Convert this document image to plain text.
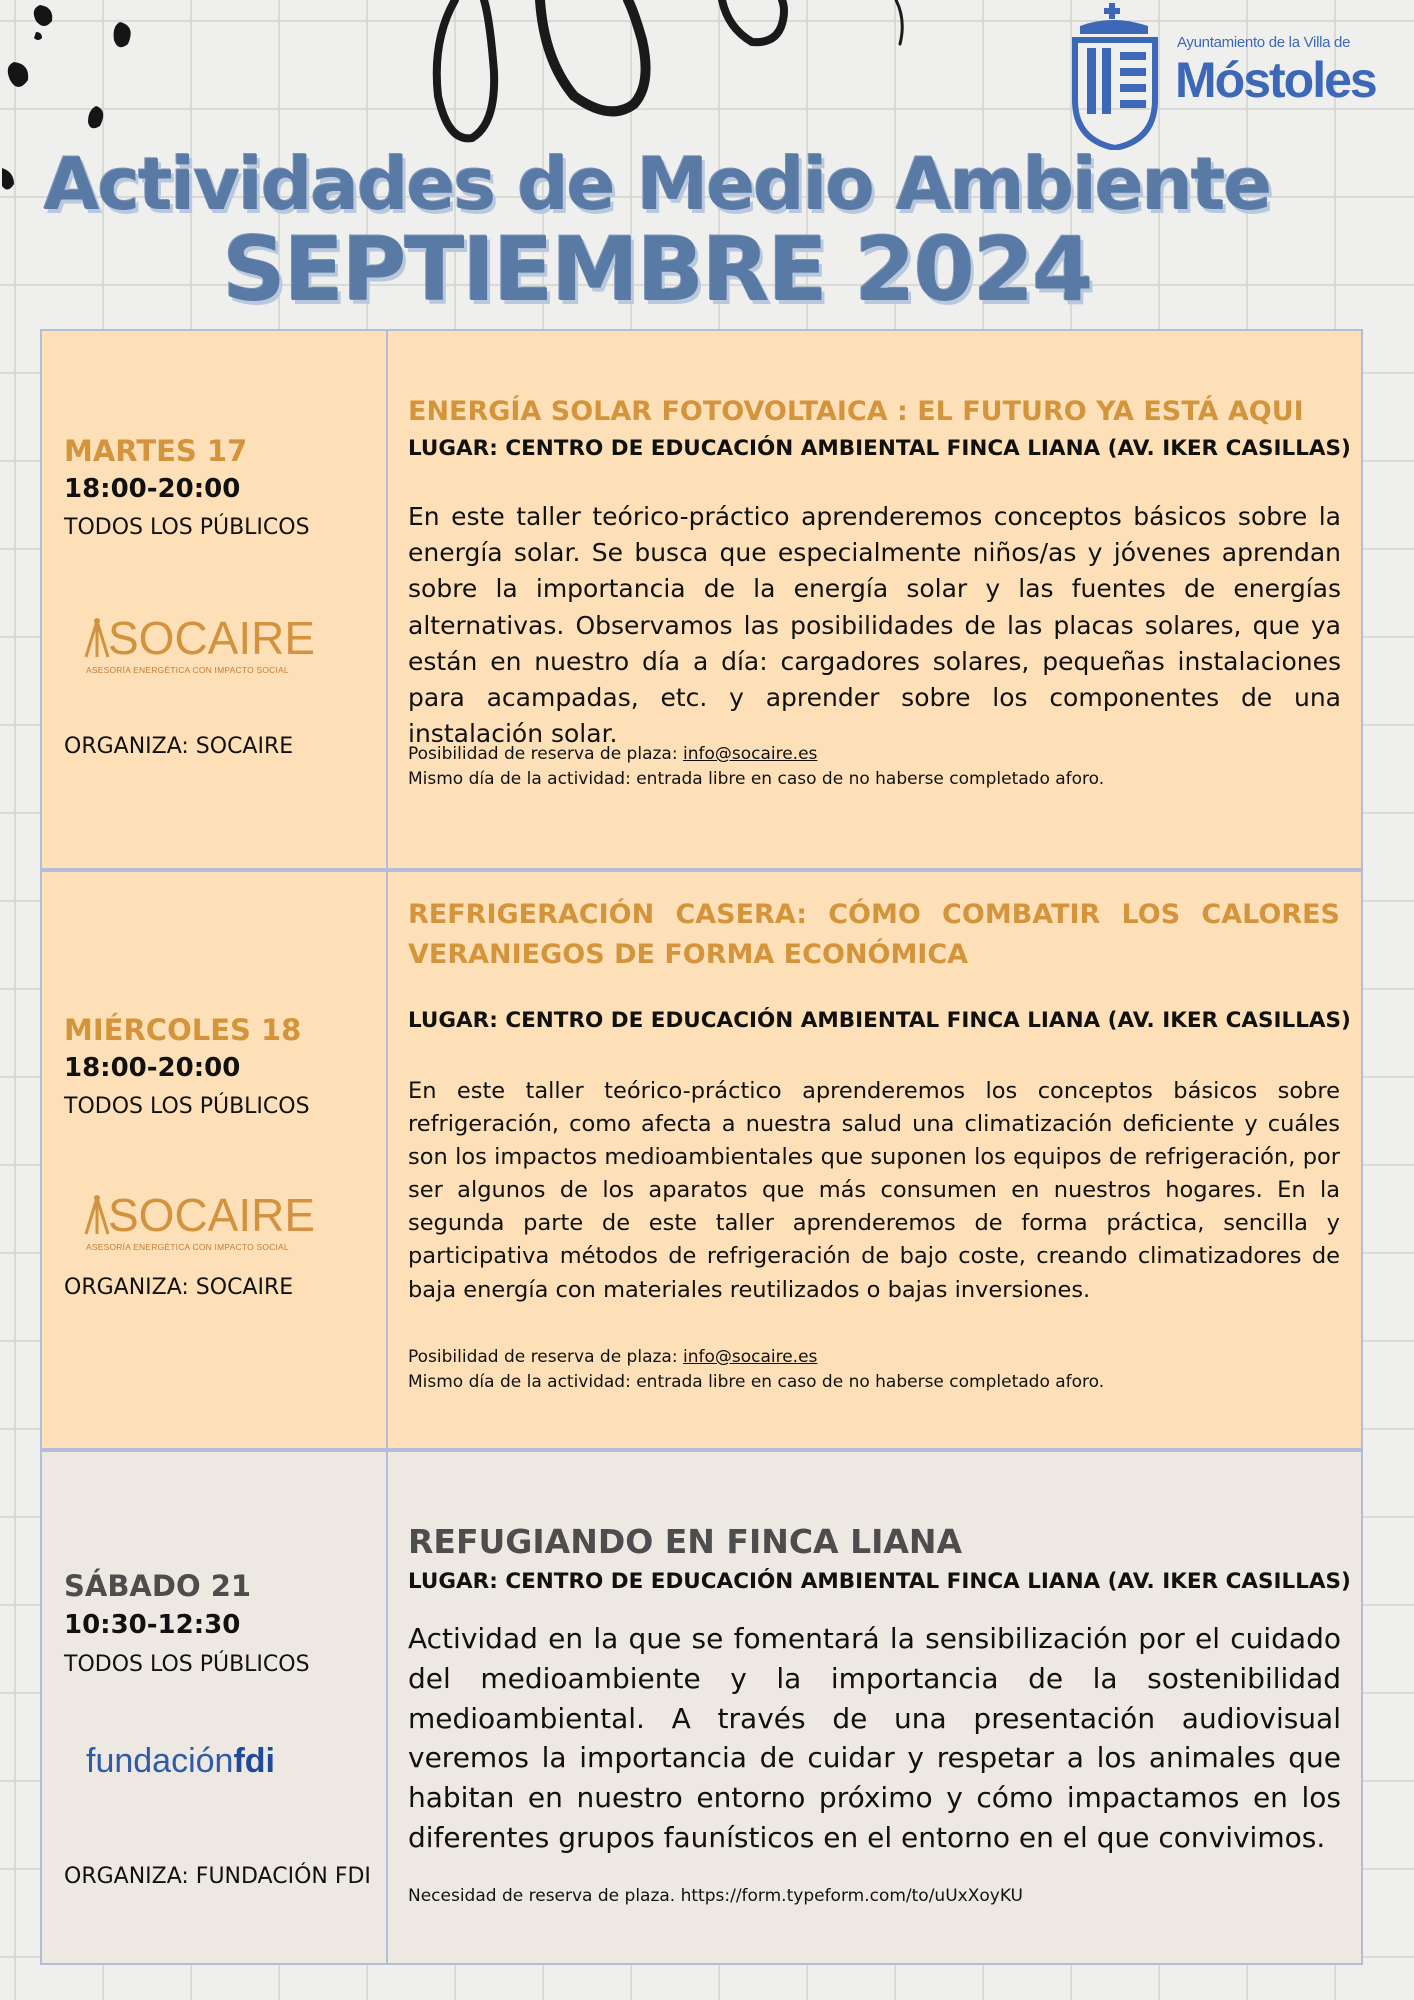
Ayuntamiento de la Villa de
Móstoles
Actividades de Medio Ambiente
SEPTIEMBRE 2024
MARTES 17
18:00-20:00
TODOS LOS PÚBLICOS
SOCAIRE
ASESORÍA ENERGÉTICA CON IMPACTO SOCIAL
ORGANIZA: SOCAIRE
ENERGÍA SOLAR FOTOVOLTAICA : EL FUTURO YA ESTÁ AQUI
LUGAR: CENTRO DE EDUCACIÓN AMBIENTAL FINCA LIANA (AV. IKER CASILLAS)
En este taller teórico-práctico aprenderemos conceptos básicos sobre la energía solar. Se busca que especialmente niños/as y jóvenes aprendan sobre la importancia de la energía solar y las fuentes de energías alternativas. Observamos las posibilidades de las placas solares, que ya están en nuestro día a día: cargadores solares, pequeñas instalaciones para acampadas, etc. y aprender sobre los componentes de una instalación solar.
Posibilidad de reserva de plaza: info@socaire.es
Mismo día de la actividad: entrada libre en caso de no haberse completado aforo.
MIÉRCOLES 18
18:00-20:00
TODOS LOS PÚBLICOS
SOCAIRE
ASESORÍA ENERGÉTICA CON IMPACTO SOCIAL
ORGANIZA: SOCAIRE
REFRIGERACIÓN CASERA: CÓMO COMBATIR LOS CALORES VERANIEGOS DE FORMA ECONÓMICA
LUGAR: CENTRO DE EDUCACIÓN AMBIENTAL FINCA LIANA (AV. IKER CASILLAS)
En este taller teórico-práctico aprenderemos los conceptos básicos sobre refrigeración, como afecta a nuestra salud una climatización deficiente y cuáles son los impactos medioambientales que suponen los equipos de refrigeración, por ser algunos de los aparatos que más consumen en nuestros hogares. En la segunda parte de este taller aprenderemos de forma práctica, sencilla y participativa métodos de refrigeración de bajo coste, creando climatizadores de baja energía con materiales reutilizados o bajas inversiones.
Posibilidad de reserva de plaza: info@socaire.es
Mismo día de la actividad: entrada libre en caso de no haberse completado aforo.
SÁBADO 21
10:30-12:30
TODOS LOS PÚBLICOS
fundaciónfdi
ORGANIZA: FUNDACIÓN FDI
REFUGIANDO EN FINCA LIANA
LUGAR: CENTRO DE EDUCACIÓN AMBIENTAL FINCA LIANA (AV. IKER CASILLAS)
Actividad en la que se fomentará la sensibilización por el cuidado del medioambiente y la importancia de la sostenibilidad medioambiental. A través de una presentación audiovisual veremos la importancia de cuidar y respetar a los animales que habitan en nuestro entorno próximo y cómo impactamos en los diferentes grupos faunísticos en el entorno en el que convivimos.
Necesidad de reserva de plaza. https://form.typeform.com/to/uUxXoyKU
